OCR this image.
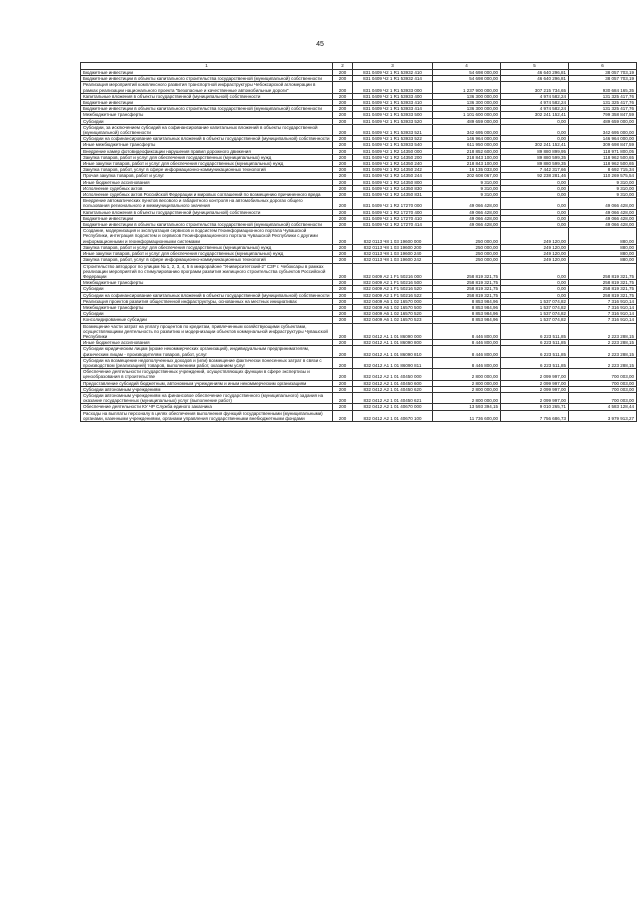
45
1	2	3	4	5	6
Бюджетные инвестиции	200	831 0409 Ч2 1 R1 53932 410	54 698 000,00	46 640 296,81	38 057 703,19
Бюджетные инвестиции в объекты капитального строительства государственной (муниципальной) собственности	200	831 0409 Ч2 1 R1 53932 414	54 698 000,00	46 640 296,81	38 057 703,19
Реализация мероприятий комплексного развития транспортной инфраструктуры Чебоксарской агломерации в рамках реализации национального проекта "Безопасные и качественные автомобильные дороги"	200	831 0409 Ч2 1 R1 53933 000	1 237 900 000,00	307 215 734,65	930 684 165,35
Капитальные вложения в объекты государственной (муниципальной) собственности	200	831 0409 Ч2 1 R1 53933 400	136 300 000,00	4 974 582,24	131 325 417,76
Бюджетные инвестиции	200	831 0409 Ч2 1 R1 53933 410	136 300 000,00	4 974 582,24	131 325 417,76
Бюджетные инвестиции в объекты капитального строительства государственной (муниципальной) собственности	200	831 0409 Ч2 1 R1 53933 414	136 300 000,00	4 974 582,24	131 325 417,76
Межбюджетные трансферты	200	831 0409 Ч2 1 R1 53933 500	1 101 600 000,00	302 241 152,41	799 358 847,59
Субсидии	200	831 0409 Ч2 1 R1 53933 520	489 659 000,00	0,00	489 659 000,00
Субсидии, за исключением субсидий на софинансирование капитальных вложений в объекты государственной (муниципальной) собственности	200	831 0409 Ч2 1 R1 53933 521	342 695 000,00	0,00	342 695 000,00
Субсидии на софинансирование капитальных вложений в объекты государственной (муниципальной) собственности	200	831 0409 Ч2 1 R1 53933 522	146 964 000,00	0,00	146 964 000,00
Иные межбюджетные трансферты	200	831 0409 Ч2 1 R1 53933 540	611 950 000,00	302 241 152,41	309 698 847,59
Внедрение камер фотовидеофиксации нарушения правил дорожного движения	200	831 0409 Ч2 1 R2 14350 000	218 852 600,00	89 880 899,95	118 971 800,05
Закупка товаров, работ и услуг для обеспечения государственных (муниципальных) нужд	200	831 0409 Ч2 1 R2 14350 200	218 843 100,00	89 880 599,35	118 962 500,65
Иные закупки товаров, работ и услуг для обеспечения государственных (муниципальных) нужд	200	831 0409 Ч2 1 R2 14350 240	218 843 100,00	89 880 599,35	118 962 500,65
Закупка товаров, работ, услуг в сфере информационно-коммуникационных технологий	200	831 0409 Ч2 1 R2 14350 242	16 135 033,00	7 442 317,66	8 692 715,34
Прочая закупка товаров, работ и услуг	200	831 0409 Ч2 1 R2 14350 244	202 608 067,00	92 238 281,46	110 269 575,54
Иные бюджетные ассигнования	200	831 0409 Ч2 1 R2 14350 800	9 310,00	0,00	9 310,00
Исполнение судебных актов	200	831 0409 Ч2 1 R2 14350 830	9 310,00	0,00	9 310,00
Исполнение судебных актов Российской Федерации и мировых соглашений по возмещению причиненного вреда	200	831 0409 Ч2 1 R2 14350 831	9 310,00	0,00	9 310,00
Внедрение автоматических пунктов весового и габаритного контроля на автомобильных дорогах общего пользования регионального и межмуниципального значения	200	831 0409 Ч2 1 R2 17270 000	49 066 428,00	0,00	49 066 428,00
Капитальные вложения в объекты государственной (муниципальной) собственности	200	831 0409 Ч2 1 R2 17270 400	49 066 428,00	0,00	49 066 428,00
Бюджетные инвестиции	200	831 0409 Ч2 1 R2 17270 410	49 066 428,00	0,00	49 066 428,00
Бюджетные инвестиции в объекты капитального строительства государственной (муниципальной) собственности	200	831 0409 Ч2 1 R2 17270 414	49 066 428,00	0,00	49 066 428,00
Создание, модернизация и эксплуатация сервисов и подсистем Геоинформационного портала Чувашской Республики, интеграция подсистем и сервисов Геоинформационного портала Чувашской Республики с другими информационными и геоинформационными системами	200	832 0113 Ч8 1 03 19600 000	250 000,00	249 120,00	880,00
Закупка товаров, работ и услуг для обеспечения государственных (муниципальных) нужд	200	832 0113 Ч8 1 03 19600 200	250 000,00	249 120,00	880,00
Иные закупки товаров, работ и услуг для обеспечения государственных (муниципальных) нужд	200	832 0113 Ч8 1 03 19600 240	250 000,00	249 120,00	880,00
Закупка товаров, работ, услуг в сфере информационно-коммуникационных технологий	200	832 0113 Ч8 1 03 19600 242	250 000,00	249 120,00	880,00
Строительство автодорог по улицам № 1, 2, 3, 4, 5 в микрорайоне "Университетский-2" СЗР г. Чебоксары в рамках реализации мероприятий по стимулированию программ развития жилищного строительства субъектов Российской Федерации	200	832 0409 А2 1 F1 50216 000	258 819 321,75	0,00	258 819 321,75
Межбюджетные трансферты	200	832 0409 А2 1 F1 50216 500	258 819 321,75	0,00	258 819 321,75
Субсидии	200	832 0409 А2 1 F1 50216 520	258 819 321,75	0,00	258 819 321,75
Субсидии на софинансирование капитальных вложений в объекты государственной (муниципальной) собственности	200	832 0409 А2 1 F1 50216 522	258 819 321,75	0,00	258 819 321,75
Реализация проектов развития общественной инфраструктуры, основанных на местных инициативах	200	832 0409 А6 1 02 16570 000	8 853 984,96	1 537 074,82	7 316 910,14
Межбюджетные трансферты	200	832 0409 А6 1 02 16570 500	8 853 984,96	1 537 074,82	7 316 910,14
Субсидии	200	832 0409 А6 1 02 16570 520	8 853 984,96	1 537 074,82	7 316 910,14
Консолидированные субсидии	200	832 0409 А6 1 02 16570 523	8 853 984,96	1 537 074,82	7 316 910,14
Возмещение части затрат на уплату процентов по кредитам, привлеченным хозяйствующими субъектами, осуществляющими деятельность по развитию и модернизации объектов коммунальной инфраструктуры Чувашской Республики	200	832 0412 А1 1 01 86090 000	8 446 800,00	6 223 511,85	2 223 288,15
Иные бюджетные ассигнования	200	832 0412 А1 1 01 86090 800	8 446 800,00	6 223 511,85	2 223 288,15
Субсидии юридическим лицам (кроме некоммерческих организаций), индивидуальным предпринимателям, физическим лицам - производителям товаров, работ, услуг	200	832 0412 А1 1 01 86090 810	8 446 800,00	6 223 511,85	2 223 288,15
Субсидии на возмещение недополученных доходов и (или) возмещение фактически понесенных затрат в связи с производством (реализацией) товаров, выполнением работ, оказанием услуг	200	832 0412 А1 1 01 86090 811	8 446 800,00	6 223 511,85	2 223 288,15
Обеспечение деятельности государственных учреждений, осуществляющих функции в сфере экспертизы и ценообразования в строительстве	200	832 0412 А2 1 01 40450 000	2 800 000,00	2 099 997,00	700 003,00
Предоставление субсидий бюджетным, автономным учреждениям и иным некоммерческим организациям	200	832 0412 А2 1 01 40450 600	2 800 000,00	2 099 997,00	700 003,00
Субсидии автономным учреждениям	200	832 0412 А2 1 01 40450 620	2 800 000,00	2 099 997,00	700 003,00
Субсидии автономным учреждениям на финансовое обеспечение государственного (муниципального) задания на оказание государственных (муниципальных) услуг (выполнение работ)	200	832 0412 А2 1 01 40450 621	2 800 000,00	2 099 997,00	700 003,00
Обеспечение деятельности КУ ЧР Служба единого заказчика	200	832 0412 А2 1 01 40670 000	13 593 394,15	9 010 265,71	4 583 128,44
Расходы на выплаты персоналу в целях обеспечения выполнения функций государственными (муниципальными) органами, казенными учреждениями, органами управления государственными внебюджетными фондами	200	832 0412 А2 1 01 40670 100	11 736 600,00	7 756 686,73	3 979 913,27
